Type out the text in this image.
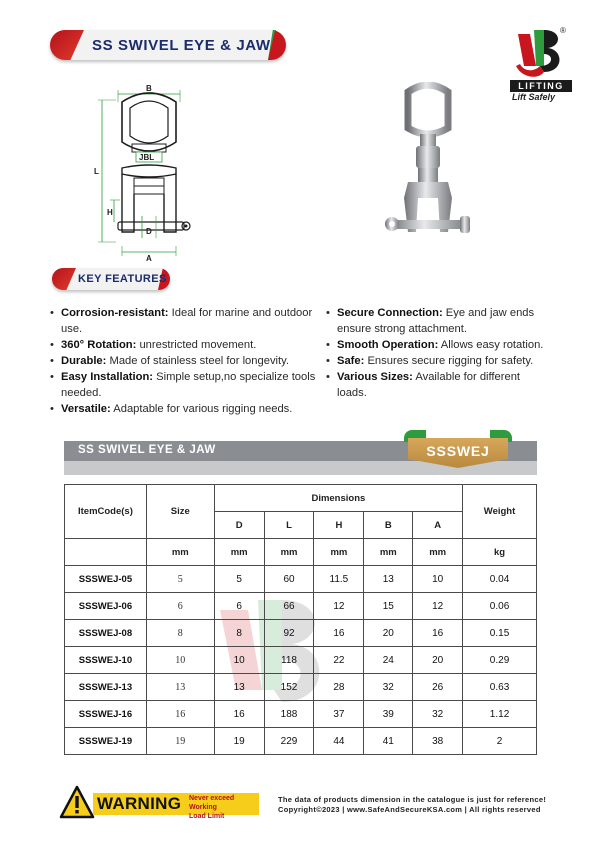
SS SWIVEL EYE & JAW
®
LIFTING
Lift Safely
B
L
JBL
H
D
A
KEY FEATURES
• Corrosion-resistant: Ideal for marine and outdoor use.
• 360° Rotation: unrestricted movement.
• Durable: Made of stainless steel for longevity.
• Easy Installation: Simple setup,no specialize tools needed.
• Versatile: Adaptable for various rigging needs.
• Secure Connection: Eye and jaw ends ensure strong attachment.
• Smooth Operation: Allows easy rotation.
• Safe: Ensures secure rigging for safety.
• Various Sizes: Available for different loads.
SS SWIVEL EYE & JAW	SSSWEJ
ItemCode(s)	Size	Dimensions					Weight
		D	L	H	B	A	
	mm	mm	mm	mm	mm	mm	kg
SSSWEJ-05	5	5	60	11.5	13	10	0.04
SSSWEJ-06	6	6	66	12	15	12	0.06
SSSWEJ-08	8	8	92	16	20	16	0.15
SSSWEJ-10	10	10	118	22	24	20	0.29
SSSWEJ-13	13	13	152	28	32	26	0.63
SSSWEJ-16	16	16	188	37	39	32	1.12
SSSWEJ-19	19	19	229	44	41	38	2
WARNING Never exceed Working
Load Limit
The data of products dimension in the catalogue is just for reference!
Copyright©2023 | www.SafeAndSecureKSA.com | All rights reserved
